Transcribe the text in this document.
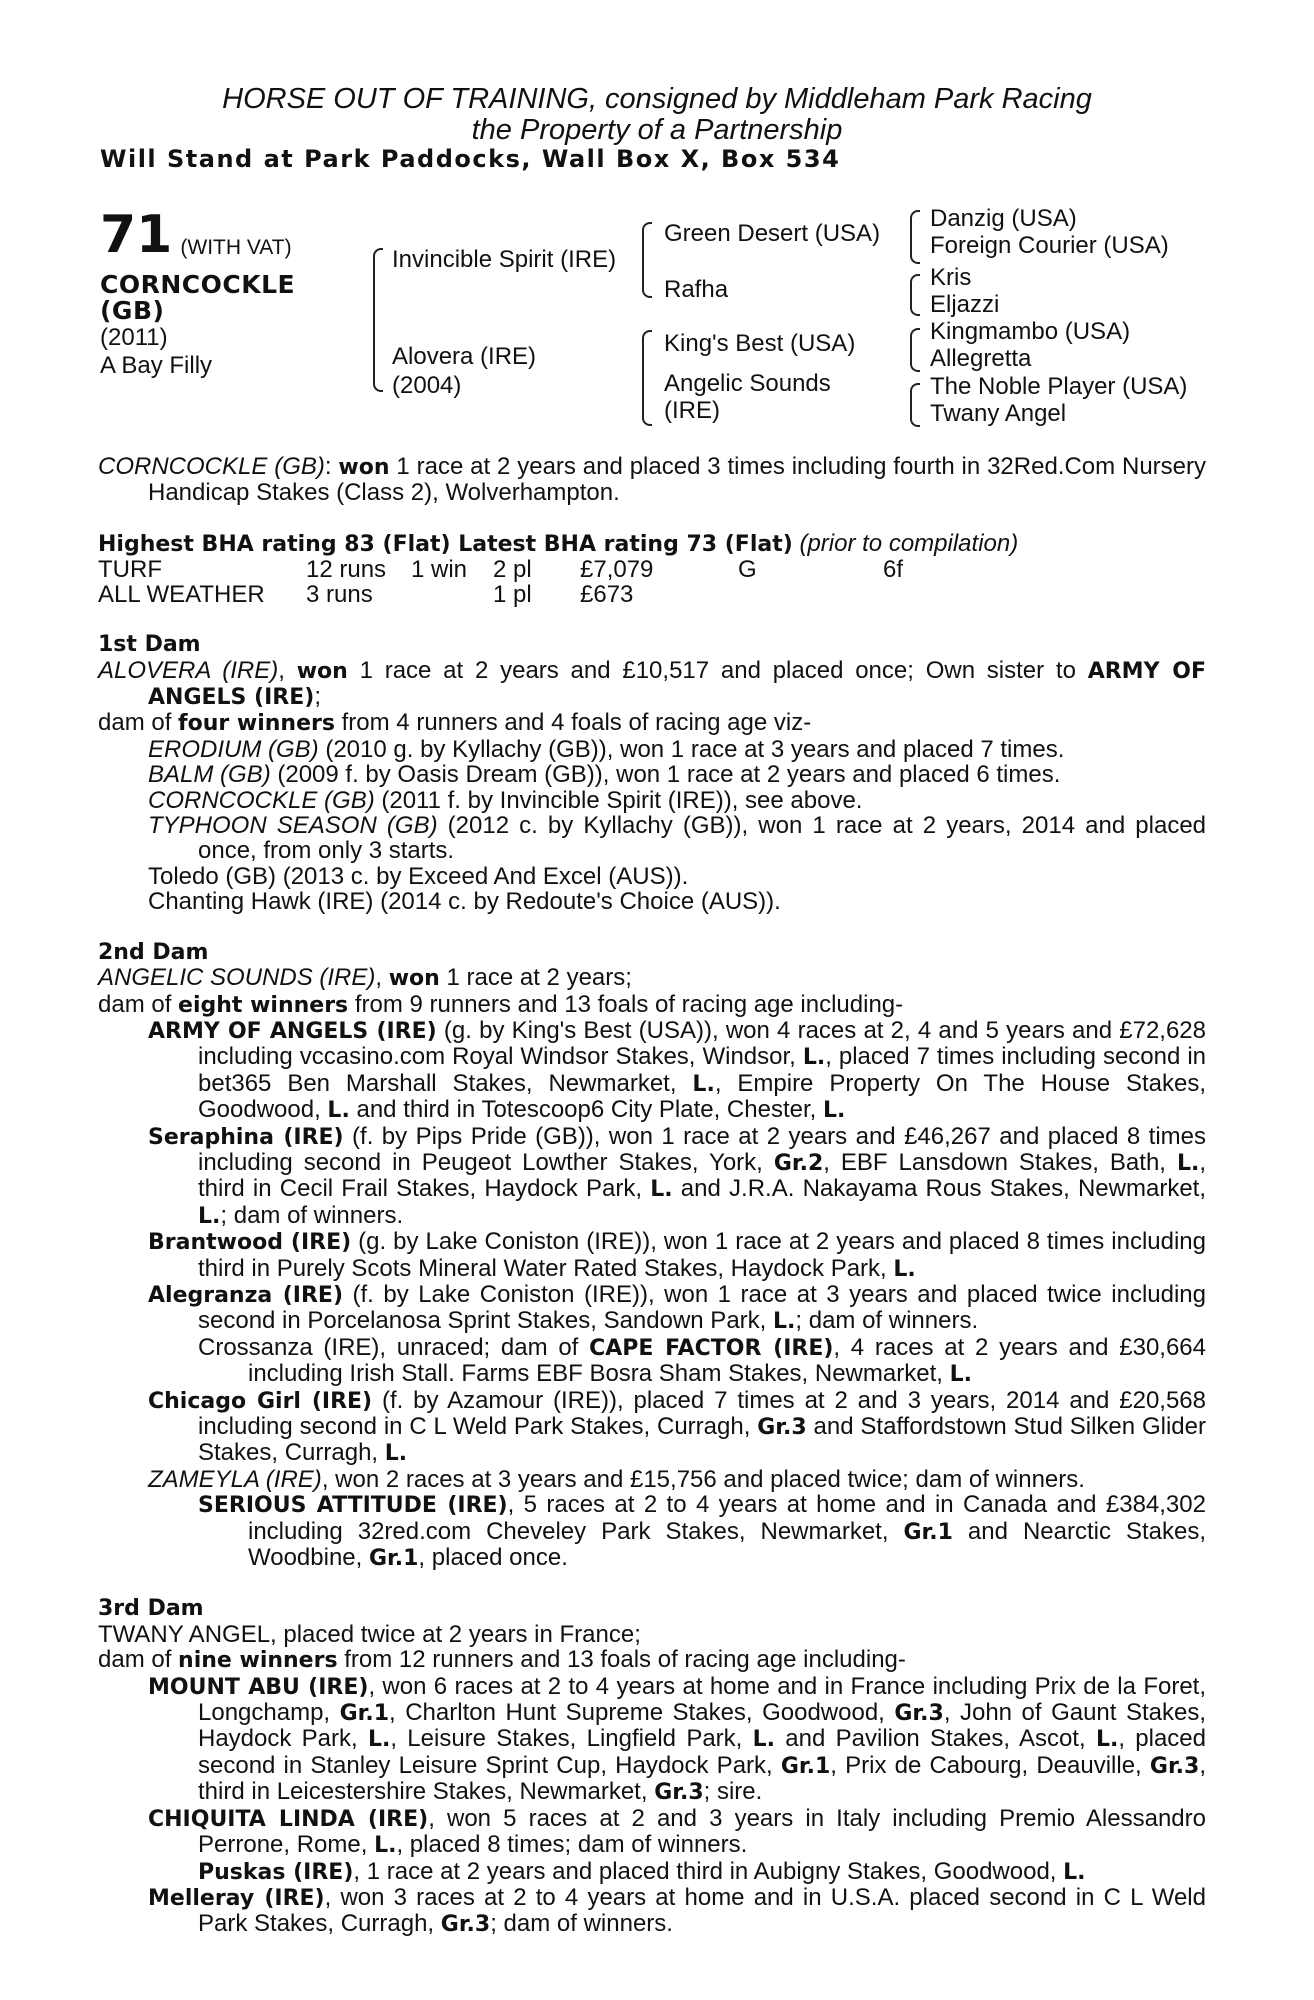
HORSE OUT OF TRAINING, consigned by Middleham Park Racing
the Property of a Partnership
Will Stand at Park Paddocks, Wall Box X, Box 534
71 (WITH VAT)
CORNCOCKLE
(GB)
(2011)
A Bay Filly
Invincible Spirit (IRE)
Alovera (IRE)
(2004)
Green Desert (USA)
Rafha
King's Best (USA)
Angelic Sounds
(IRE)
Danzig (USA)
Foreign Courier (USA)
Kris
Eljazzi
Kingmambo (USA)
Allegretta
The Noble Player (USA)
Twany Angel

CORNCOCKLE (GB): won 1 race at 2 years and placed 3 times including fourth in 32Red.Com Nursery Handicap Stakes (Class 2), Wolverhampton.

Highest BHA rating 83 (Flat) Latest BHA rating 73 (Flat) (prior to compilation)

TURF	12 runs	1 win	2 pl	£7,079	G	6f
ALL WEATHER	3 runs		1 pl	£673		

1st Dam

ALOVERA (IRE), won 1 race at 2 years and £10,517 and placed once; Own sister to ARMY OF ANGELS (IRE);

dam of four winners from 4 runners and 4 foals of racing age viz-

ERODIUM (GB) (2010 g. by Kyllachy (GB)), won 1 race at 3 years and placed 7 times.

BALM (GB) (2009 f. by Oasis Dream (GB)), won 1 race at 2 years and placed 6 times.

CORNCOCKLE (GB) (2011 f. by Invincible Spirit (IRE)), see above.

TYPHOON SEASON (GB) (2012 c. by Kyllachy (GB)), won 1 race at 2 years, 2014 and placed once, from only 3 starts.

Toledo (GB) (2013 c. by Exceed And Excel (AUS)).

Chanting Hawk (IRE) (2014 c. by Redoute's Choice (AUS)).

2nd Dam

ANGELIC SOUNDS (IRE), won 1 race at 2 years;

dam of eight winners from 9 runners and 13 foals of racing age including-

ARMY OF ANGELS (IRE) (g. by King's Best (USA)), won 4 races at 2, 4 and 5 years and £72,628 including vccasino.com Royal Windsor Stakes, Windsor, L., placed 7 times including second in bet365 Ben Marshall Stakes, Newmarket, L., Empire Property On The House Stakes, Goodwood, L. and third in Totescoop6 City Plate, Chester, L.

Seraphina (IRE) (f. by Pips Pride (GB)), won 1 race at 2 years and £46,267 and placed 8 times including second in Peugeot Lowther Stakes, York, Gr.2, EBF Lansdown Stakes, Bath, L., third in Cecil Frail Stakes, Haydock Park, L. and J.R.A. Nakayama Rous Stakes, Newmarket, L.; dam of winners.

Brantwood (IRE) (g. by Lake Coniston (IRE)), won 1 race at 2 years and placed 8 times including third in Purely Scots Mineral Water Rated Stakes, Haydock Park, L.

Alegranza (IRE) (f. by Lake Coniston (IRE)), won 1 race at 3 years and placed twice including second in Porcelanosa Sprint Stakes, Sandown Park, L.; dam of winners.

Crossanza (IRE), unraced; dam of CAPE FACTOR (IRE), 4 races at 2 years and £30,664 including Irish Stall. Farms EBF Bosra Sham Stakes, Newmarket, L.

Chicago Girl (IRE) (f. by Azamour (IRE)), placed 7 times at 2 and 3 years, 2014 and £20,568 including second in C L Weld Park Stakes, Curragh, Gr.3 and Staffordstown Stud Silken Glider Stakes, Curragh, L.

ZAMEYLA (IRE), won 2 races at 3 years and £15,756 and placed twice; dam of winners.

SERIOUS ATTITUDE (IRE), 5 races at 2 to 4 years at home and in Canada and £384,302 including 32red.com Cheveley Park Stakes, Newmarket, Gr.1 and Nearctic Stakes, Woodbine, Gr.1, placed once.

3rd Dam

TWANY ANGEL, placed twice at 2 years in France;

dam of nine winners from 12 runners and 13 foals of racing age including-

MOUNT ABU (IRE), won 6 races at 2 to 4 years at home and in France including Prix de la Foret, Longchamp, Gr.1, Charlton Hunt Supreme Stakes, Goodwood, Gr.3, John of Gaunt Stakes, Haydock Park, L., Leisure Stakes, Lingfield Park, L. and Pavilion Stakes, Ascot, L., placed second in Stanley Leisure Sprint Cup, Haydock Park, Gr.1, Prix de Cabourg, Deauville, Gr.3, third in Leicestershire Stakes, Newmarket, Gr.3; sire.

CHIQUITA LINDA (IRE), won 5 races at 2 and 3 years in Italy including Premio Alessandro Perrone, Rome, L., placed 8 times; dam of winners.

Puskas (IRE), 1 race at 2 years and placed third in Aubigny Stakes, Goodwood, L.

Melleray (IRE), won 3 races at 2 to 4 years at home and in U.S.A. placed second in C L Weld Park Stakes, Curragh, Gr.3; dam of winners.
